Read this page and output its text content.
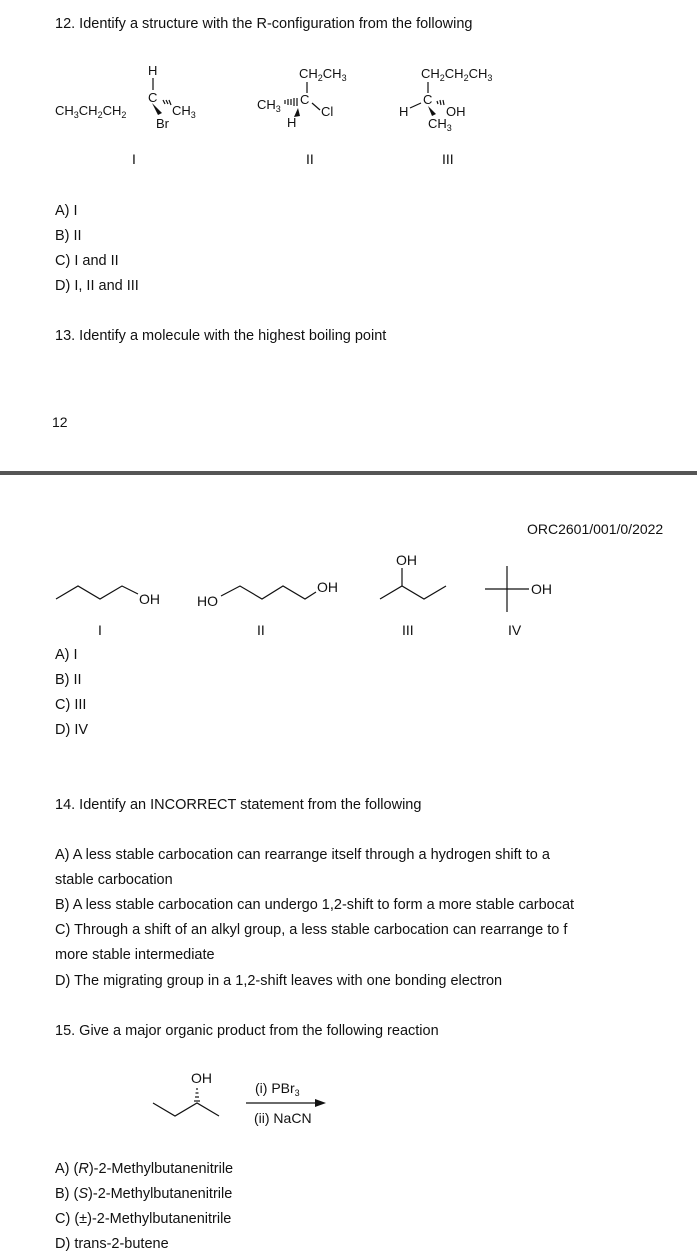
12. Identify a structure with the R-configuration from the following
H
$CH_3CH_2CH_2$
C
$CH_3$
Br
$CH_2CH_3$
$CH_3$
C
Cl
H
$CH_2CH_2CH_3$
H
C
OH
$CH_3$
I	II	III
A) I
B) II
C) I and II
D) I, II and III
13. Identify a molecule with the highest boiling point
12
ORC2601/001/0/2022
OH	HO
OH
OH
OH
I	II	III	IV
A) I
B) II
C) III
D) IV
14. Identify an INCORRECT statement from the following
A) A less stable carbocation can rearrange itself through a hydrogen shift to a
stable carbocation
B) A less stable carbocation can undergo 1,2-shift to form a more stable carbocat
C) Through a shift of an alkyl group, a less stable carbocation can rearrange to f
more stable intermediate
D) The migrating group in a 1,2-shift leaves with one bonding electron
15. Give a major organic product from the following reaction
OH
(i) PBr$_3$
(ii) NaCN
A) (R)-2-Methylbutanenitrile
B) (S)-2-Methylbutanenitrile
C) (±)-2-Methylbutanenitrile
D) trans-2-butene
